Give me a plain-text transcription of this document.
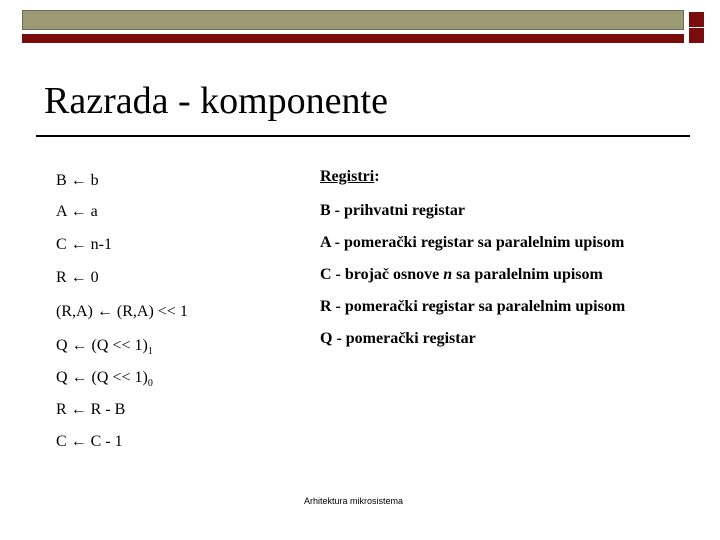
Razrada - komponente
B ← b
A ← a
C ← n-1
R ← 0
(R,A) ← (R,A) << 1
Q ← $(Q << 1)_1$
Q ← $(Q << 1)_0$
R ← R - B
C ← C - 1
Registri:
B - prihvatni registar
A - pomerački registar sa paralelnim upisom
C - brojač osnove n sa paralelnim upisom
R - pomerački registar sa paralelnim upisom
Q - pomerački registar
Arhitektura mikrosistema
